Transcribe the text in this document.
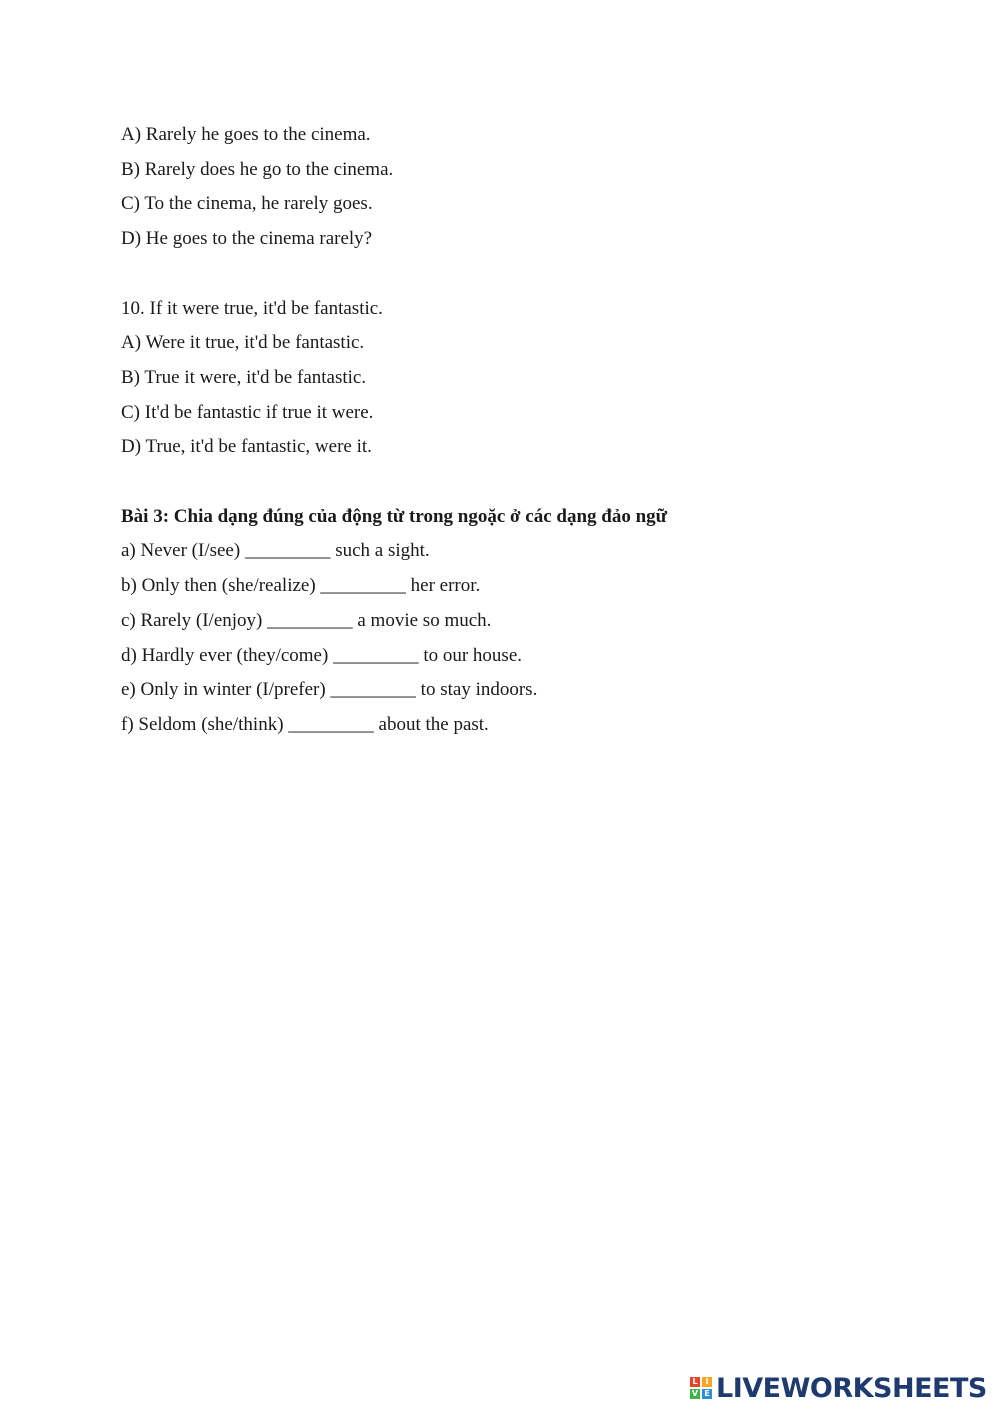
A) Rarely he goes to the cinema.
B) Rarely does he go to the cinema.
C) To the cinema, he rarely goes.
D) He goes to the cinema rarely?
10. If it were true, it'd be fantastic.
A) Were it true, it'd be fantastic.
B) True it were, it'd be fantastic.
C) It'd be fantastic if true it were.
D) True, it'd be fantastic, were it.
Bài 3: Chia dạng đúng của động từ trong ngoặc ở các dạng đảo ngữ
a) Never (I/see) _________ such a sight.
b) Only then (she/realize) _________ her error.
c) Rarely (I/enjoy) _________ a movie so much.
d) Hardly ever (they/come) _________ to our house.
e) Only in winter (I/prefer) _________ to stay indoors.
f) Seldom (she/think) _________ about the past.
L I
V E LIVEWORKSHEETS
